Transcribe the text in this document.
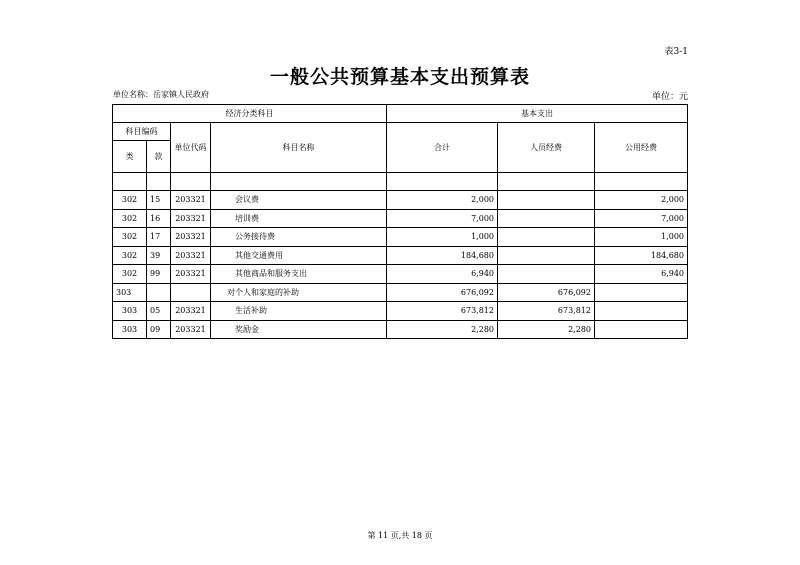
表3-1
一般公共预算基本支出预算表
单位名称：岳家镇人民政府	单位：元
经济分类科目				基本支出		
科目编码		单位代码	科目名称	合计	人员经费	公用经费
类	款					

302	15	203321	会议费	2,000		2,000
302	16	203321	培训费	7,000		7,000
302	17	203321	公务接待费	1,000		1,000
302	39	203321	其他交通费用	184,680		184,680
302	99	203321	其他商品和服务支出	6,940		6,940
303			对个人和家庭的补助	676,092	676,092	
303	05	203321	生活补助	673,812	673,812	
303	09	203321	奖励金	2,280	2,280	
第 11 页,共 18 页
